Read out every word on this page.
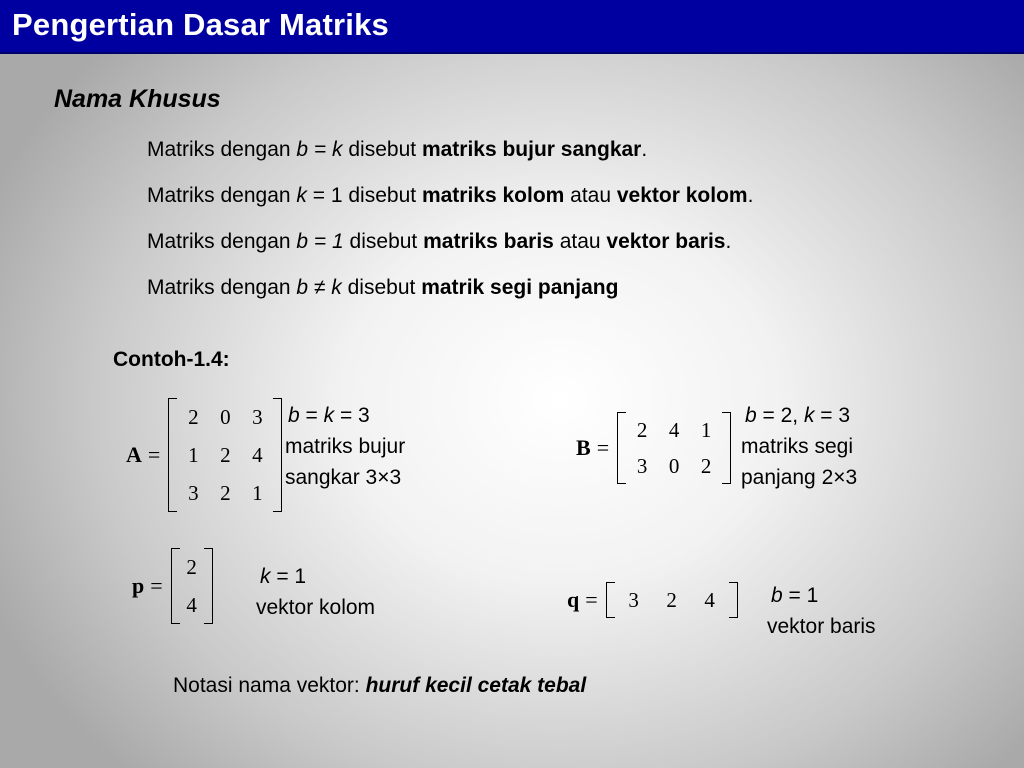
Pengertian Dasar Matriks
Nama Khusus
Matriks dengan b = k disebut matriks bujur sangkar.
Matriks dengan k = 1 disebut matriks kolom atau vektor kolom.
Matriks dengan b = 1 disebut matriks baris atau vektor baris.
Matriks dengan b ≠ k disebut matrik segi panjang
Contoh-1.4:
A =
2	0	3
1	2	4
3	2	1
b = k = 3
matriks bujur
sangkar 3×3
B =
2	4	1
3	0	2
b = 2, k = 3
matriks segi
panjang 2×3
p =
2
4
k = 1
vektor kolom	q =	3	2	4	b = 1
vektor baris
Notasi nama vektor: huruf kecil cetak tebal
